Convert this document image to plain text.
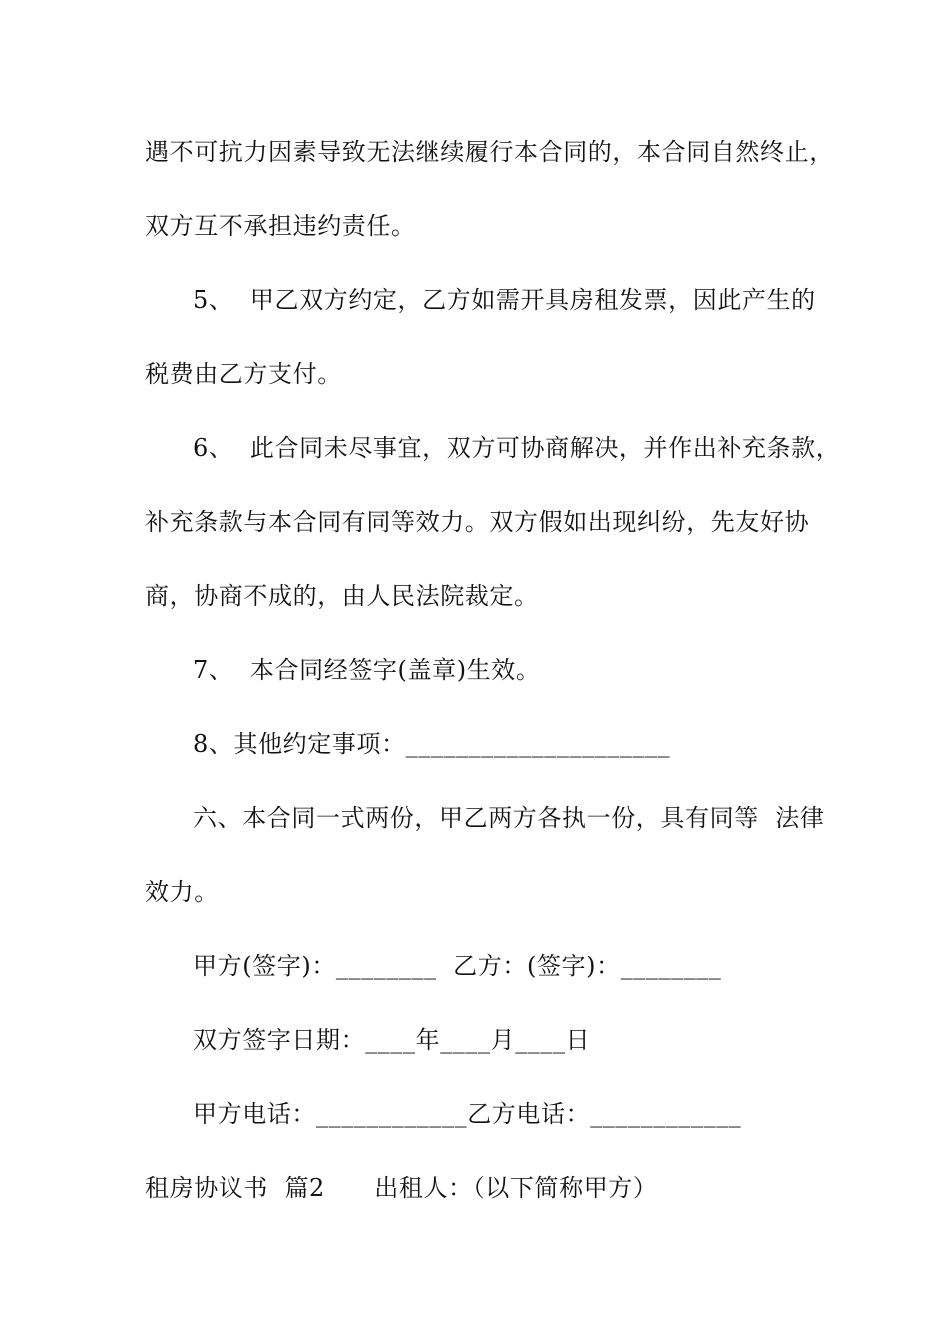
遇不可抗力因素导致无法继续履行本合同的，本合同自然终止，
双方互不承担违约责任。
5、  甲乙双方约定，乙方如需开具房租发票，因此产生的
税费由乙方支付。
6、  此合同未尽事宜，双方可协商解决，并作出补充条款，
补充条款与本合同有同等效力。双方假如出现纠纷，先友好协
商，协商不成的，由人民法院裁定。
7、  本合同经签字(盖章)生效。
8、其他约定事项：_____________________
六、本合同一式两份，甲乙两方各执一份，具有同等  法律
效力。
甲方(签字)：________  乙方：(签字)：________
双方签字日期：____年____月____日
甲方电话：____________乙方电话：____________
租房协议书  篇2      出租人：（以下简称甲方）
